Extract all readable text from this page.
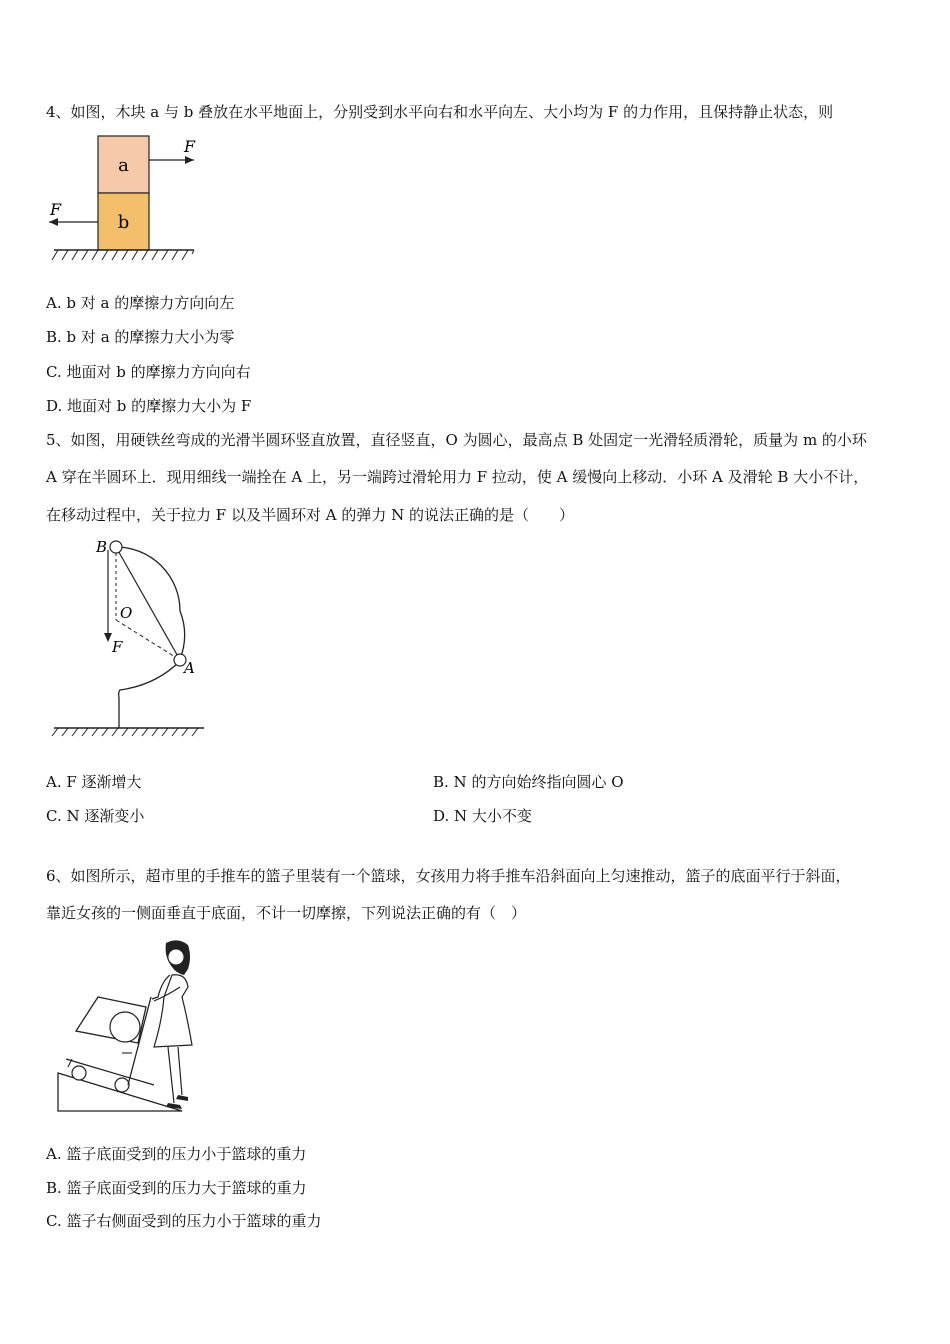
4、如图，木块 a 与 b 叠放在水平地面上，分别受到水平向右和水平向左、大小均为 F 的力作用，且保持静止状态，则
a
b
F
F
A. b 对 a 的摩擦力方向向左
B. b 对 a 的摩擦力大小为零
C. 地面对 b 的摩擦力方向向右
D. 地面对 b 的摩擦力大小为 F
5、如图，用硬铁丝弯成的光滑半圆环竖直放置，直径竖直，O 为圆心，最高点 B 处固定一光滑轻质滑轮，质量为 m 的小环
A 穿在半圆环上．现用细线一端拴在 A 上，另一端跨过滑轮用力 F 拉动，使 A 缓慢向上移动．小环 A 及滑轮 B 大小不计，
在移动过程中，关于拉力 F 以及半圆环对 A 的弹力 N 的说法正确的是（　　）
B
O
F
A
A. F 逐渐增大	B. N 的方向始终指向圆心 O
C. N 逐渐变小	D. N 大小不变
6、如图所示，超市里的手推车的篮子里装有一个篮球，女孩用力将手推车沿斜面向上匀速推动，篮子的底面平行于斜面，
靠近女孩的一侧面垂直于底面，不计一切摩擦，下列说法正确的有（　）
A. 篮子底面受到的压力小于篮球的重力
B. 篮子底面受到的压力大于篮球的重力
C. 篮子右侧面受到的压力小于篮球的重力
